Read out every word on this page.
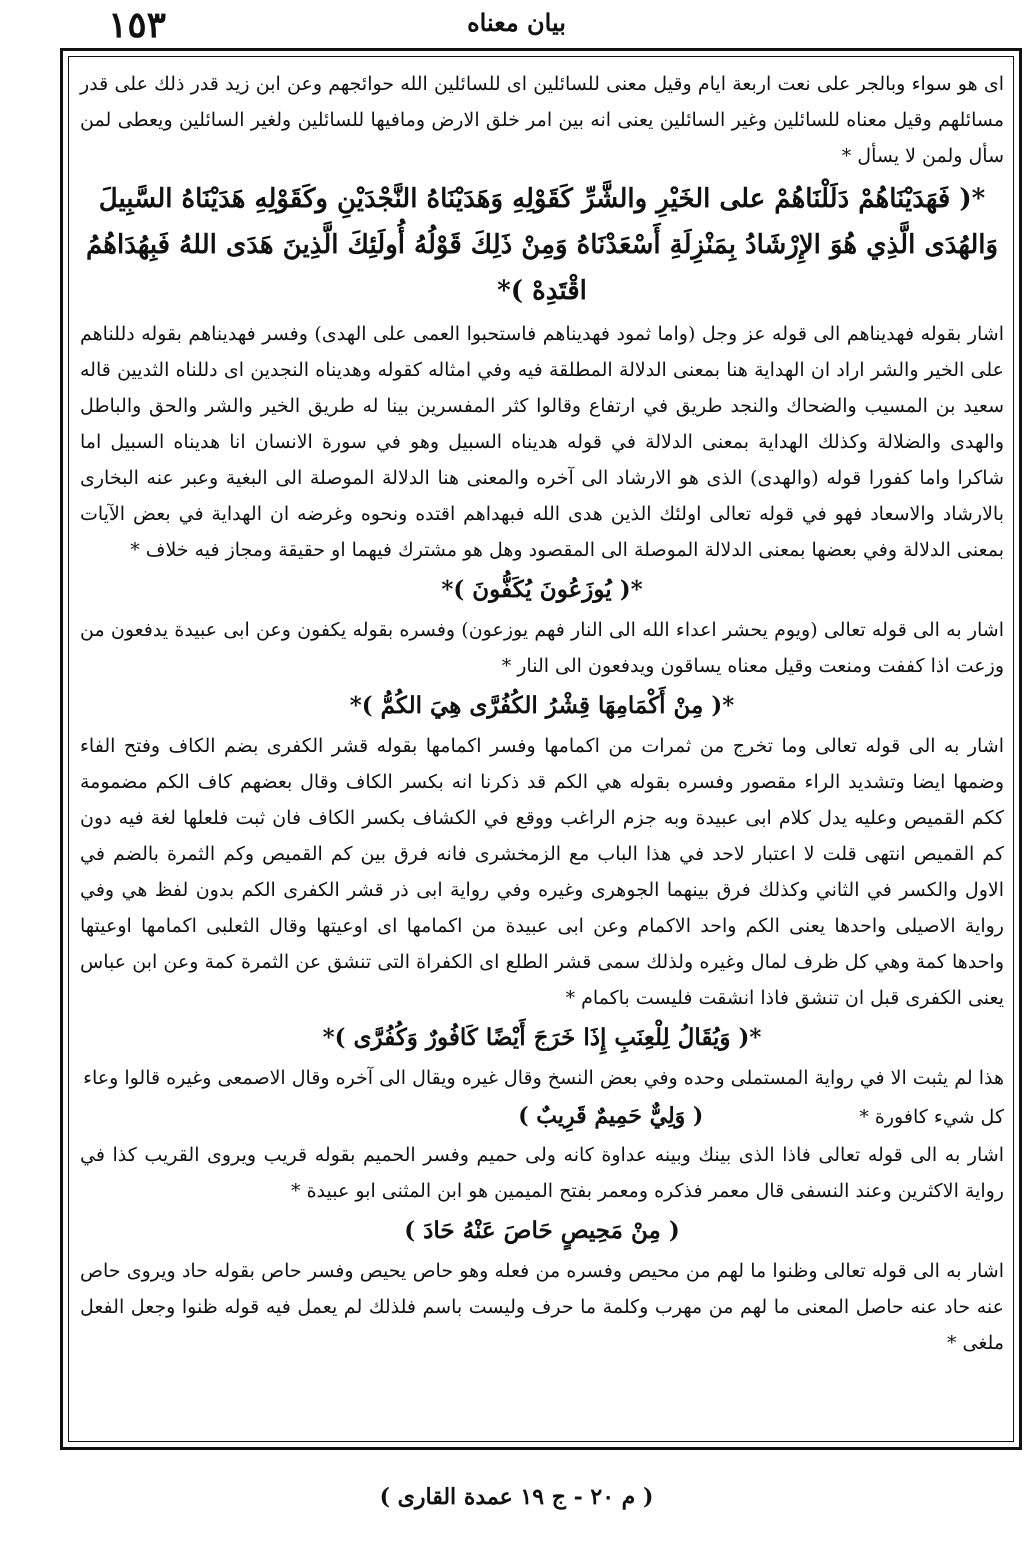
١٥٣	بيان معناه

اى هو سواء وبالجر على نعت اربعة ايام وقيل معنى للسائلين اى للسائلين الله حوائجهم وعن ابن زيد قدر ذلك على قدر مسائلهم وقيل معناه للسائلين وغير السائلين يعنى انه بين امر خلق الارض ومافيها للسائلين ولغير السائلين ويعطى لمن سأل ولمن لا يسأل *

*( فَهَدَيْنَاهُمْ دَلَلْنَاهُمْ على الخَيْرِ والشَّرِّ كَقَوْلِهِ وَهَدَيْنَاهُ النَّجْدَيْنِ وكَقَوْلِهِ هَدَيْنَاهُ السَّبِيلَ وَالهُدَى الَّذِي هُوَ الإِرْشَادُ بِمَنْزِلَةِ أَسْعَدْنَاهُ وَمِنْ ذَلِكَ قَوْلُهُ أُولَئِكَ الَّذِينَ هَدَى اللهُ فَبِهُدَاهُمُ اقْتَدِهْ )*

اشار بقوله فهديناهم الى قوله عز وجل (واما ثمود فهديناهم فاستحبوا العمى على الهدى) وفسر فهديناهم بقوله دللناهم على الخير والشر اراد ان الهداية هنا بمعنى الدلالة المطلقة فيه وفي امثاله كقوله وهديناه النجدين اى دللناه الثديين قاله سعيد بن المسيب والضحاك والنجد طريق في ارتفاع وقالوا كثر المفسرين بينا له طريق الخير والشر والحق والباطل والهدى والضلالة وكذلك الهداية بمعنى الدلالة في قوله هديناه السبيل وهو في سورة الانسان انا هديناه السبيل اما شاكرا واما كفورا قوله (والهدى) الذى هو الارشاد الى آخره والمعنى هنا الدلالة الموصلة الى البغية وعبر عنه البخارى بالارشاد والاسعاد فهو في قوله تعالى اولئك الذين هدى الله فبهداهم اقتده ونحوه وغرضه ان الهداية في بعض الآيات بمعنى الدلالة وفي بعضها بمعنى الدلالة الموصلة الى المقصود وهل هو مشترك فيهما او حقيقة ومجاز فيه خلاف *

*( يُوزَعُونَ يُكَفُّونَ )*

اشار به الى قوله تعالى (ويوم يحشر اعداء الله الى النار فهم يوزعون) وفسره بقوله يكفون وعن ابى عبيدة يدفعون من وزعت اذا كففت ومنعت وقيل معناه يساقون ويدفعون الى النار *

*( مِنْ أَكْمَامِهَا قِشْرُ الكُفُرَّى هِيَ الكُمُّ )*

اشار به الى قوله تعالى وما تخرج من ثمرات من اكمامها وفسر اكمامها بقوله قشر الكفرى بضم الكاف وفتح الفاء وضمها ايضا وتشديد الراء مقصور وفسره بقوله هي الكم قد ذكرنا انه بكسر الكاف وقال بعضهم كاف الكم مضمومة ككم القميص وعليه يدل كلام ابى عبيدة وبه جزم الراغب ووقع في الكشاف بكسر الكاف فان ثبت فلعلها لغة فيه دون كم القميص انتهى قلت لا اعتبار لاحد في هذا الباب مع الزمخشرى فانه فرق بين كم القميص وكم الثمرة بالضم في الاول والكسر في الثاني وكذلك فرق بينهما الجوهرى وغيره وفي رواية ابى ذر قشر الكفرى الكم بدون لفظ هي وفي رواية الاصيلى واحدها يعنى الكم واحد الاكمام وعن ابى عبيدة من اكمامها اى اوعيتها وقال الثعلبى اكمامها اوعيتها واحدها كمة وهي كل ظرف لمال وغيره ولذلك سمى قشر الطلع اى الكفراة التى تنشق عن الثمرة كمة وعن ابن عباس يعنى الكفرى قبل ان تنشق فاذا انشقت فليست باكمام *

*( وَيُقَالُ لِلْعِنَبِ إِذَا خَرَجَ أَيْضًا كَافُورٌ وَكُفُرَّى )*

هذا لم يثبت الا في رواية المستملى وحده وفي بعض النسخ وقال غيره ويقال الى آخره وقال الاصمعى وغيره قالوا وعاء

كل شيء كافورة * ( وَلِيٌّ حَمِيمٌ قَرِيبٌ )

اشار به الى قوله تعالى فاذا الذى بينك وبينه عداوة كانه ولى حميم وفسر الحميم بقوله قريب ويروى القريب كذا في رواية الاكثرين وعند النسفى قال معمر فذكره ومعمر بفتح الميمين هو ابن المثنى ابو عبيدة *

( مِنْ مَحِيصٍ حَاصَ عَنْهُ حَادَ )

اشار به الى قوله تعالى وظنوا ما لهم من محيص وفسره من فعله وهو حاص يحيص وفسر حاص بقوله حاد ويروى حاص عنه حاد عنه حاصل المعنى ما لهم من مهرب وكلمة ما حرف وليست باسم فلذلك لم يعمل فيه قوله ظنوا وجعل الفعل ملغى *

( م ٢٠ - ج ١٩ عمدة القارى )
